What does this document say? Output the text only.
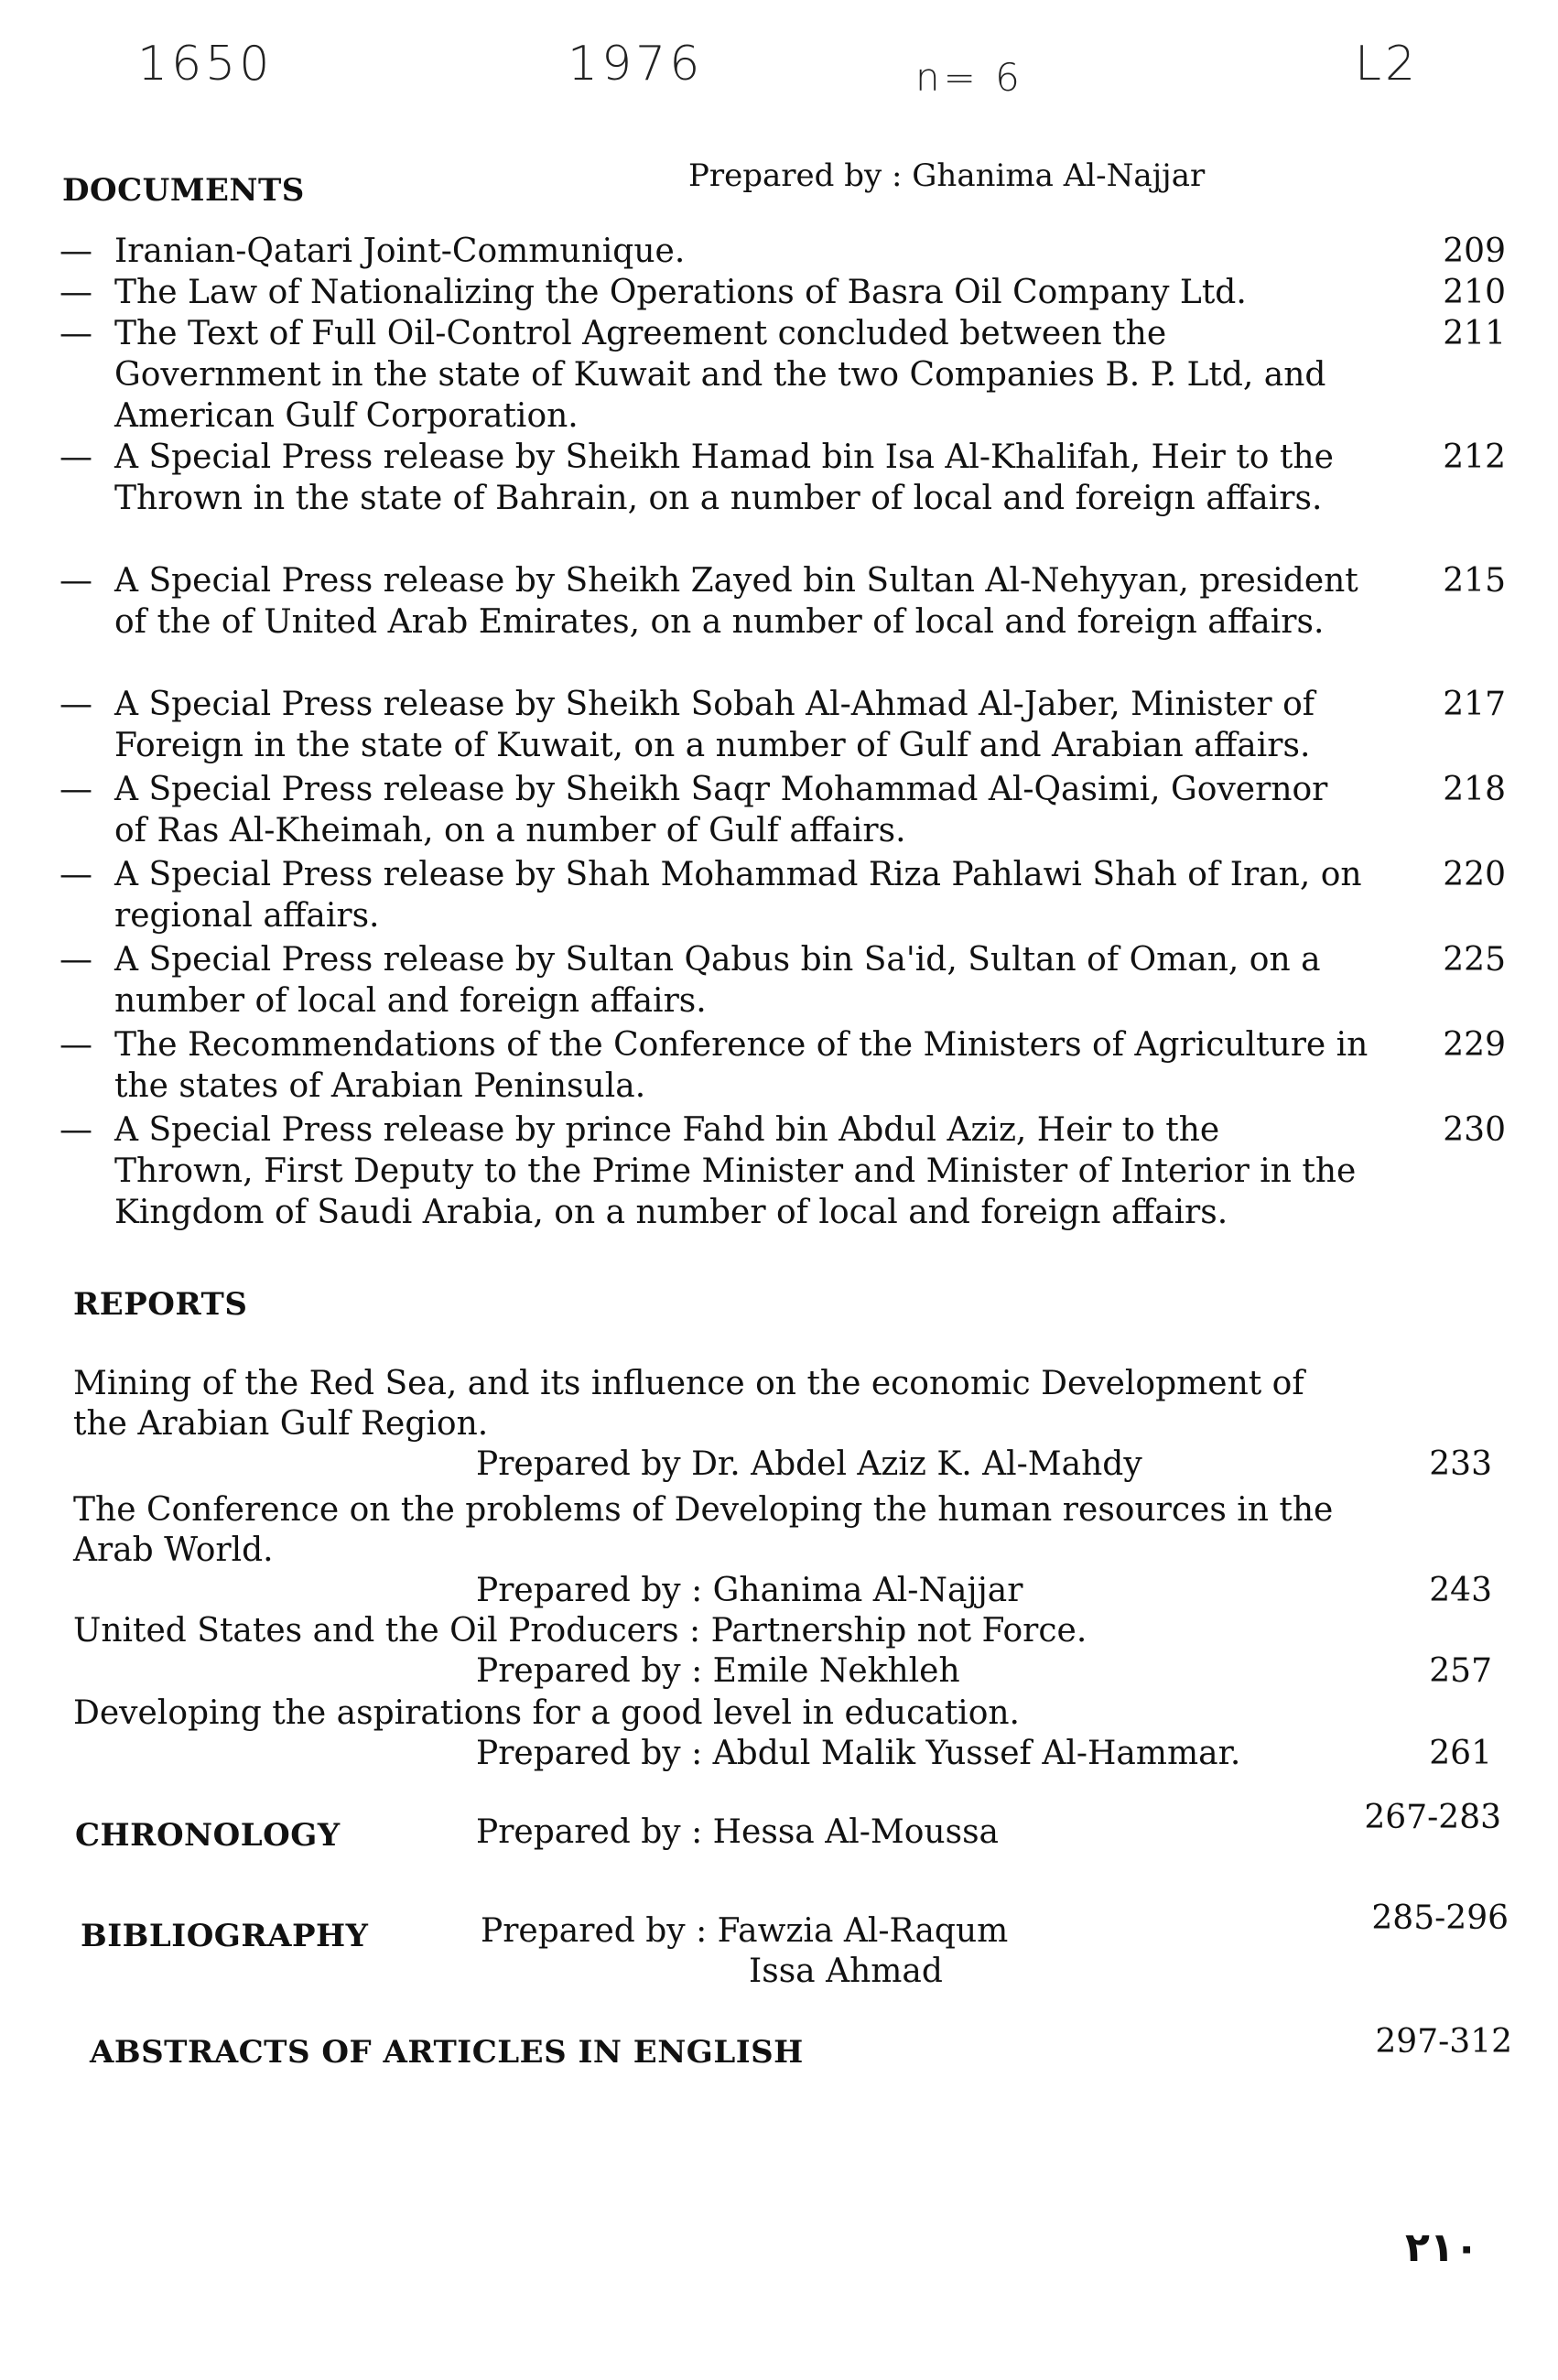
1650	1976	n= 6	L2
DOCUMENTS	Prepared by : Ghanima Al-Najjar
— Iranian-Qatari Joint-Communique.	209
— The Law of Nationalizing the Operations of Basra Oil Company Ltd.	210
— The Text of Full Oil-Control Agreement concluded between the Government in the state of Kuwait and the two Companies B. P. Ltd, and American Gulf Corporation.
211
— A Special Press release by Sheikh Hamad bin Isa Al-Khalifah, Heir to the Thrown in the state of Bahrain, on a number of local and foreign affairs.
212
— A Special Press release by Sheikh Zayed bin Sultan Al-Nehyyan, president of the of United Arab Emirates, on a number of local and foreign affairs.
215
— A Special Press release by Sheikh Sobah Al-Ahmad Al-Jaber, Minister of Foreign in the state of Kuwait, on a number of Gulf and Arabian affairs.
217
— A Special Press release by Sheikh Saqr Mohammad Al-Qasimi, Governor of Ras Al-Kheimah, on a number of Gulf affairs.
218
— A Special Press release by Shah Mohammad Riza Pahlawi Shah of Iran, on regional affairs.
220
— A Special Press release by Sultan Qabus bin Sa'id, Sultan of Oman, on a number of local and foreign affairs.
225
— The Recommendations of the Conference of the Ministers of Agriculture in the states of Arabian Peninsula.
229
— A Special Press release by prince Fahd bin Abdul Aziz, Heir to the Thrown, First Deputy to the Prime Minister and Minister of Interior in the Kingdom of Saudi Arabia, on a number of local and foreign affairs.
230
REPORTS
Mining of the Red Sea, and its influence on the economic Development of the Arabian Gulf Region.
Prepared by Dr. Abdel Aziz K. Al-Mahdy	233
The Conference on the problems of Developing the human resources in the Arab World.
Prepared by : Ghanima Al-Najjar	243
United States and the Oil Producers : Partnership not Force.
Prepared by : Emile Nekhleh	257
Developing the aspirations for a good level in education.
Prepared by : Abdul Malik Yussef Al-Hammar.	261
CHRONOLOGY	Prepared by : Hessa Al-Moussa	267-283
BIBLIOGRAPHY	Prepared by : Fawzia Al-Raqum
Issa Ahmad
285-296
ABSTRACTS OF ARTICLES IN ENGLISH	297-312
٢١٠
